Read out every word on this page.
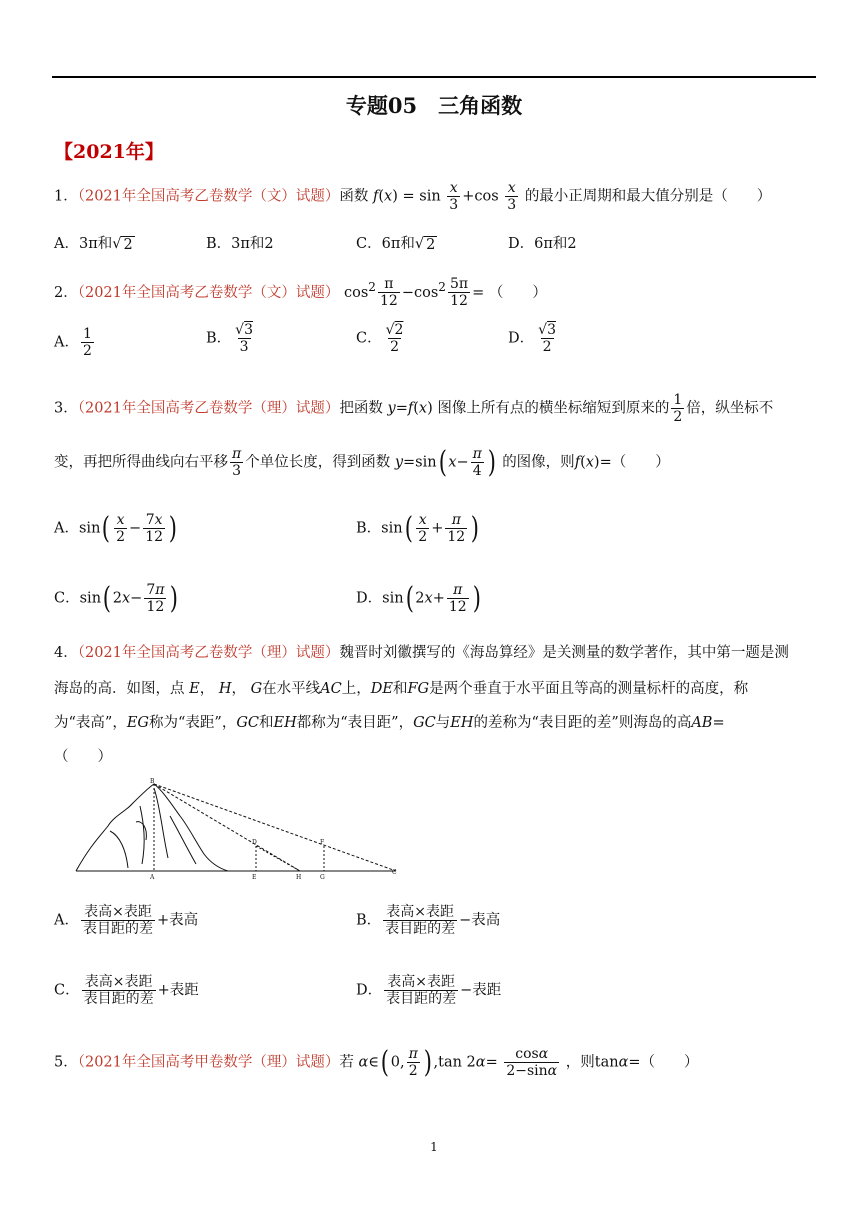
专题05　三角函数
【2021年】
1．（2021年全国高考乙卷数学（文）试题）函数 $f(x) = \sin \frac{x}{3} +\cos \frac{x}{3}$ 的最小正周期和最大值分别是（　　）
A．3π和 √ 2	B．3π和2	C．6π和 √ 2	D．6π和2
2．（2021年全国高考乙卷数学（文）试题） $\cos^2 \frac{\pi}{12} -\cos^2 \frac{5\pi}{12}$ = （　　）
A． $\frac{1}{2}$	B． $\frac{√3}{3}$	C． $\frac{√2}{2}$	D． $\frac{√3}{2}$
3．（2021年全国高考乙卷数学（理）试题）把函数 y=f(x) 图像上所有点的横坐标缩短到原来的 $\frac{1}{2}$ 倍，纵坐标不
变，再把所得曲线向右平移 $\frac{\pi}{3}$ 个单位长度，得到函数 y=sin( $x- \frac{\pi}{4}$ ) 的图像，则f(x)=（　　）
A．$\sin( \frac{x}{2} - \frac{7x}{12}$ )	B．$\sin( \frac{x}{2} + \frac{\pi}{12}$ )
C．sin( $2x- \frac{7\pi}{12}$ )	D．sin( $2x+ \frac{\pi}{12}$ )
4．（2021年全国高考乙卷数学（理）试题）魏晋时刘徽撰写的《海岛算经》是关测量的数学著作，其中第一题是测
海岛的高．如图，点 E， H， G在水平线AC上，DE和FG是两个垂直于水平面且等高的测量标杆的高度，称
为“表高”，EG称为“表距”，GC和EH都称为“表目距”，GC与EH的差称为“表目距的差”则海岛的高AB=
（　　）
B
A
D
E	H
F
G
C
A． $\frac{\text{表高×表距}}{\text{表目距的差}}$ +表高	B． $\frac{\text{表高×表距}}{\text{表目距的差}}$ −表高
C． $\frac{\text{表高×表距}}{\text{表目距的差}}$ +表距	D． $\frac{\text{表高×表距}}{\text{表目距的差}}$ −表距
5．（2021年全国高考甲卷数学（理）试题）若 α∈( 0, $\frac{\pi}{2}$ ) ,tan $2\alpha= \frac{\cos\alpha}{2-\sin\alpha}$ ，则tanα=（　　）
1
